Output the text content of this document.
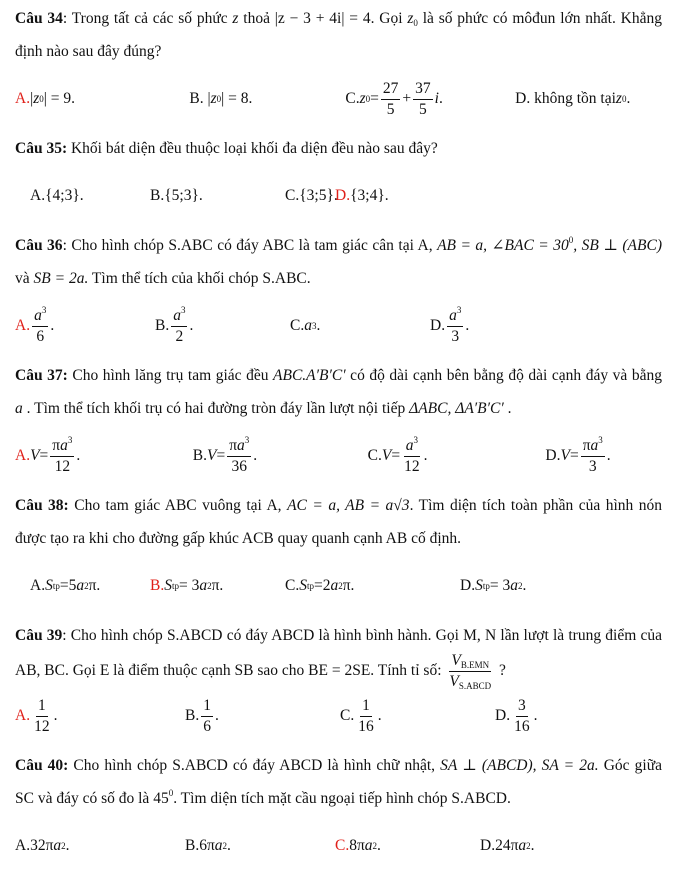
Câu 34: Trong tất cả các số phức z thoả |z − 3 + 4i| = 4. Gọi $z_0$ là số phức có môđun lớn nhất. Khẳng
định nào sau đây đúng?
A. | z 0 | = 9.	B. | z 0 | = 8.	C. z $0 = \frac{27}{5} + \frac{37}{5}$ i .	D. không tồn tại z 0 .
Câu 35: Khối bát diện đều thuộc loại khối đa diện đều nào sau đây?
A.{4;3}.	B.{5;3}.	C.{3;5}.
D. {3;4}.
Câu 36: Cho hình chóp S.ABC có đáy ABC là tam giác cân tại A, AB = a, ∠BAC = $30^0$, SB ⊥ (ABC)
và SB = 2a. Tìm thể tích của khối chóp S.ABC.
A. $\frac{a^3}{6}$ .	B. $\frac{a^3}{2}$ .	C. a 3 .	D. $\frac{a^3}{3}$ .
Câu 37: Cho hình lăng trụ tam giác đều ABC.A′B′C′ có độ dài cạnh bên bằng độ dài cạnh đáy và bằng
a . Tìm thể tích khối trụ có hai đường tròn đáy lần lượt nội tiếp ΔABC, ΔA′B′C′ .
A. $V = \frac{\pi a^3}{12}$ .	B. $V = \frac{\pi a^3}{36}$ .	C. $V = \frac{a^3}{12}$ .	D. $V = \frac{\pi a^3}{3}$ .
Câu 38: Cho tam giác ABC vuông tại A, AC = a, AB = a√3. Tìm diện tích toàn phần của hình nón
được tạo ra khi cho đường gấp khúc ACB quay quanh cạnh AB cố định.
A. S tp =5 a 2 π.	B. S tp = 3 a 2 π.	C. S tp =2 a 2 π.	D. S tp = 3 a 2 .
Câu 39: Cho hình chóp S.ABCD có đáy ABCD là hình bình hành. Gọi M, N lần lượt là trung điểm của
AB, BC. Gọi E là điểm thuộc cạnh SB sao cho BE = 2SE. Tính tỉ số: $\frac{V_{B.EMN}}{V_{S.ABCD}}$ ?
A. $\frac{1}{12}$ .	B. $\frac{1}{6}$ .	C. $\frac{1}{16}$ .	D. $\frac{3}{16}$ .
Câu 40: Cho hình chóp S.ABCD có đáy ABCD là hình chữ nhật, SA ⊥ (ABCD), SA = 2a. Góc giữa
SC và đáy có số đo là $45^0$. Tìm diện tích mặt cầu ngoại tiếp hình chóp S.ABCD.
A.32π a 2 .	B.6π a 2 .	C. 8π a 2 .	D.24π a 2 .
